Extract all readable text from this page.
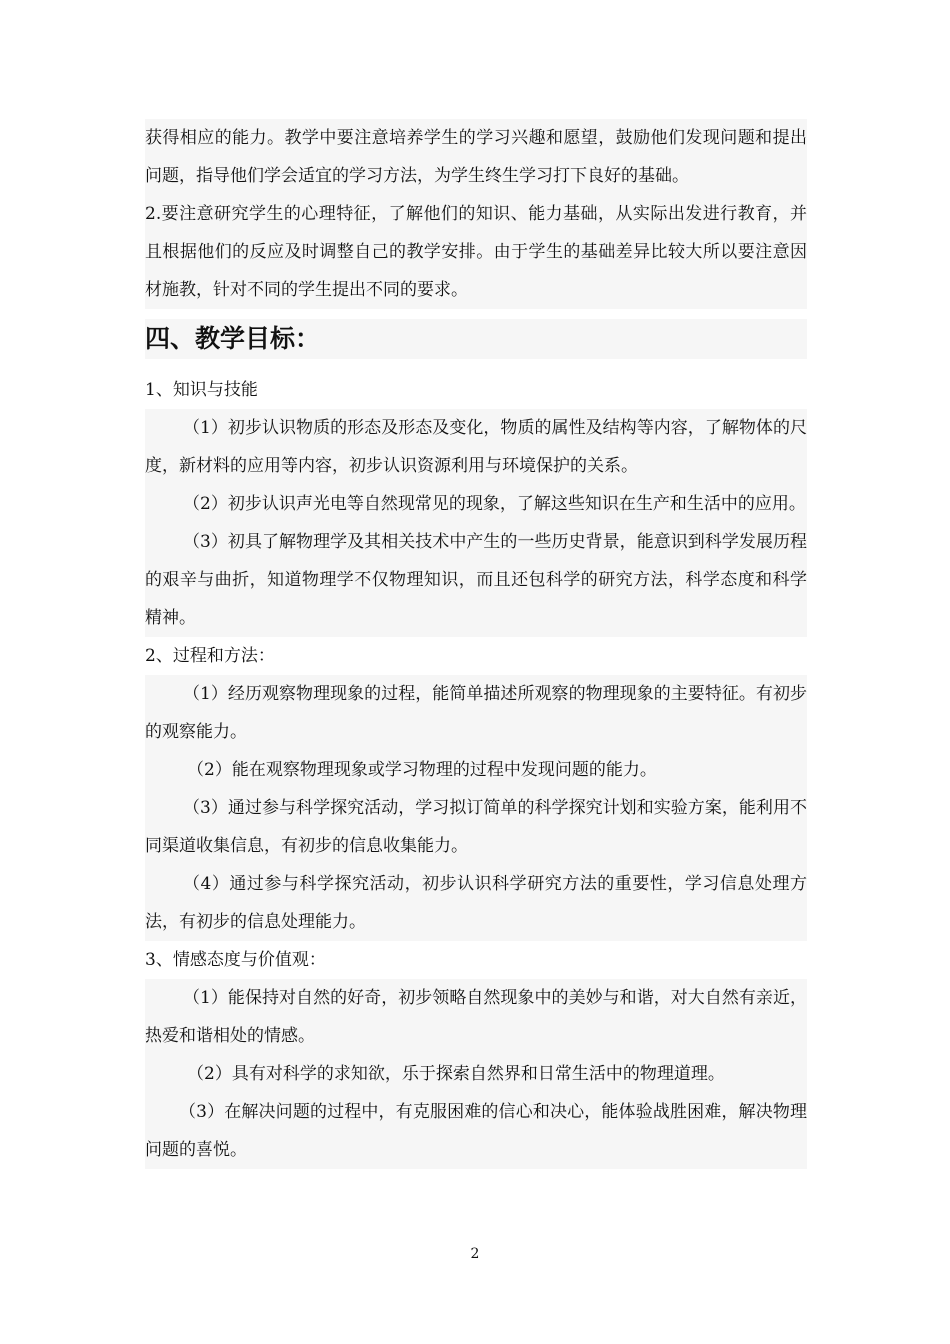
获得相应的能力。教学中要注意培养学生的学习兴趣和愿望，鼓励他们发现问题和提出问题，指导他们学会适宜的学习方法，为学生终生学习打下良好的基础。

2.要注意研究学生的心理特征，了解他们的知识、能力基础，从实际出发进行教育，并且根据他们的反应及时调整自己的教学安排。由于学生的基础差异比较大所以要注意因材施教，针对不同的学生提出不同的要求。

四、教学目标：

1、知识与技能

（1）初步认识物质的形态及形态及变化，物质的属性及结构等内容，了解物体的尺度，新材料的应用等内容，初步认识资源利用与环境保护的关系。

（2）初步认识声光电等自然现常见的现象，了解这些知识在生产和生活中的应用。

（3）初具了解物理学及其相关技术中产生的一些历史背景，能意识到科学发展历程的艰辛与曲折，知道物理学不仅物理知识，而且还包科学的研究方法，科学态度和科学精神。

2、过程和方法：

（1）经历观察物理现象的过程，能简单描述所观察的物理现象的主要特征。有初步的观察能力。

（2）能在观察物理现象或学习物理的过程中发现问题的能力。

（3）通过参与科学探究活动，学习拟订简单的科学探究计划和实验方案，能利用不同渠道收集信息，有初步的信息收集能力。

（4）通过参与科学探究活动，初步认识科学研究方法的重要性，学习信息处理方法，有初步的信息处理能力。

3、情感态度与价值观：

（1）能保持对自然的好奇，初步领略自然现象中的美妙与和谐，对大自然有亲近，热爱和谐相处的情感。

（2）具有对科学的求知欲，乐于探索自然界和日常生活中的物理道理。

（3）在解决问题的过程中，有克服困难的信心和决心，能体验战胜困难，解决物理问题的喜悦。

2
